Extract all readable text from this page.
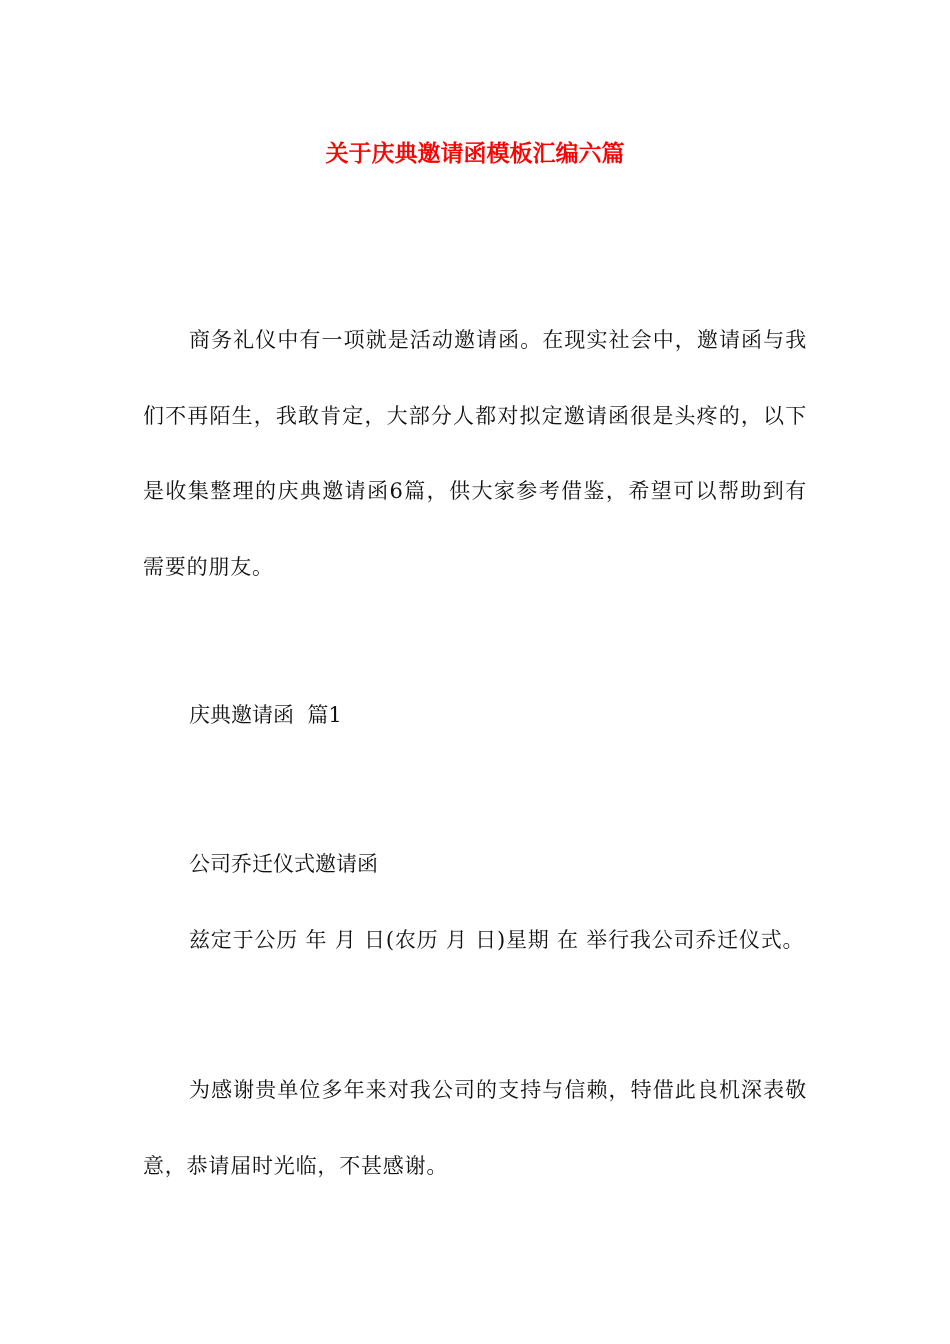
关于庆典邀请函模板汇编六篇
商务礼仪中有一项就是活动邀请函。在现实社会中，邀请函与我们不再陌生，我敢肯定，大部分人都对拟定邀请函很是头疼的，以下是收集整理的庆典邀请函6篇，供大家参考借鉴，希望可以帮助到有需要的朋友。
庆典邀请函  篇1
公司乔迁仪式邀请函
兹定于公历 年 月 日(农历 月 日)星期 在 举行我公司乔迁仪式。
为感谢贵单位多年来对我公司的支持与信赖，特借此良机深表敬意，恭请届时光临，不甚感谢。
